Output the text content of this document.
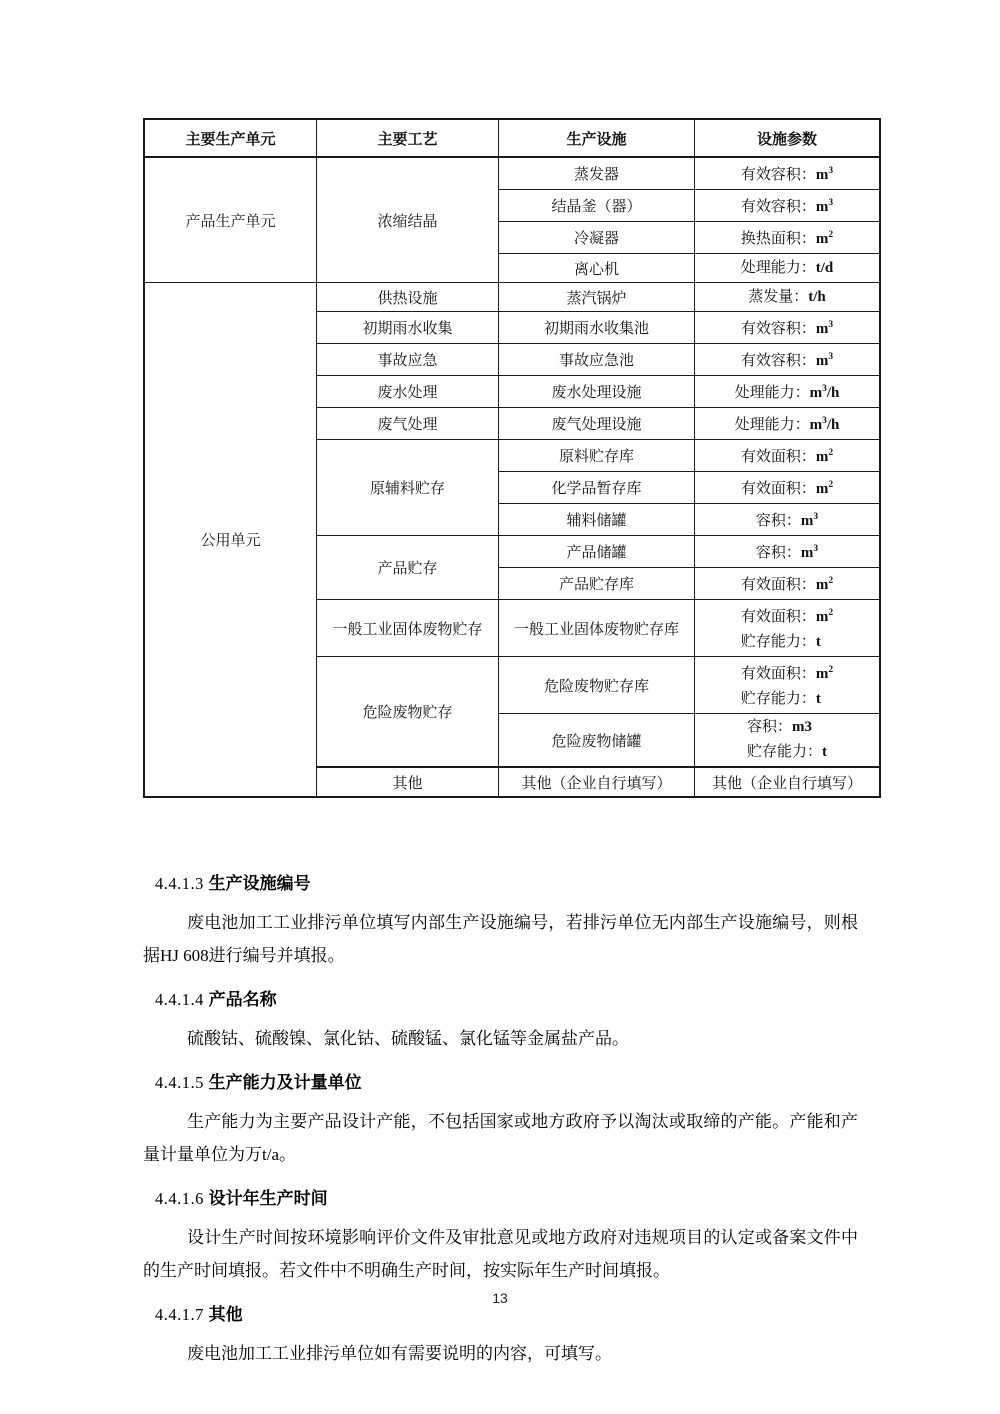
主要生产单元	主要工艺	生产设施	设施参数
产品生产单元	浓缩结晶	蒸发器	有效容积：$m^3$

		结晶釜（器）	有效容积：$m^3$

		冷凝器	换热面积：$m^2$

		离心机	处理能力：t/d

公用单元	供热设施	蒸汽锅炉	蒸发量：t/h

	初期雨水收集	初期雨水收集池	有效容积：$m^3$

	事故应急	事故应急池	有效容积：$m^3$

	废水处理	废水处理设施	处理能力：$m^3/h$

	废气处理	废气处理设施	处理能力：$m^3/h$

	原辅料贮存	原料贮存库	有效面积：$m^2$

		化学品暂存库	有效面积：$m^2$

		辅料储罐	容积：$m^3$

	产品贮存	产品储罐	容积：$m^3$

		产品贮存库	有效面积：$m^2$

	一般工业固体废物贮存	一般工业固体废物贮存库	有效面积：$m^2$
贮存能力：t

	危险废物贮存	危险废物贮存库	有效面积：$m^2$
贮存能力：t

		危险废物储罐	容积：m3
贮存能力：t

	其他	其他（企业自行填写）	其他（企业自行填写）
4.4.1.3 生产设施编号

废电池加工工业排污单位填写内部生产设施编号，若排污单位无内部生产设施编号，则根据HJ 608进行编号并填报。

4.4.1.4 产品名称

硫酸钴、硫酸镍、氯化钴、硫酸锰、氯化锰等金属盐产品。

4.4.1.5 生产能力及计量单位

生产能力为主要产品设计产能，不包括国家或地方政府予以淘汰或取缔的产能。产能和产量计量单位为万t/a。

4.4.1.6 设计年生产时间

设计生产时间按环境影响评价文件及审批意见或地方政府对违规项目的认定或备案文件中的生产时间填报。若文件中不明确生产时间，按实际年生产时间填报。

4.4.1.7 其他

废电池加工工业排污单位如有需要说明的内容，可填写。

13
